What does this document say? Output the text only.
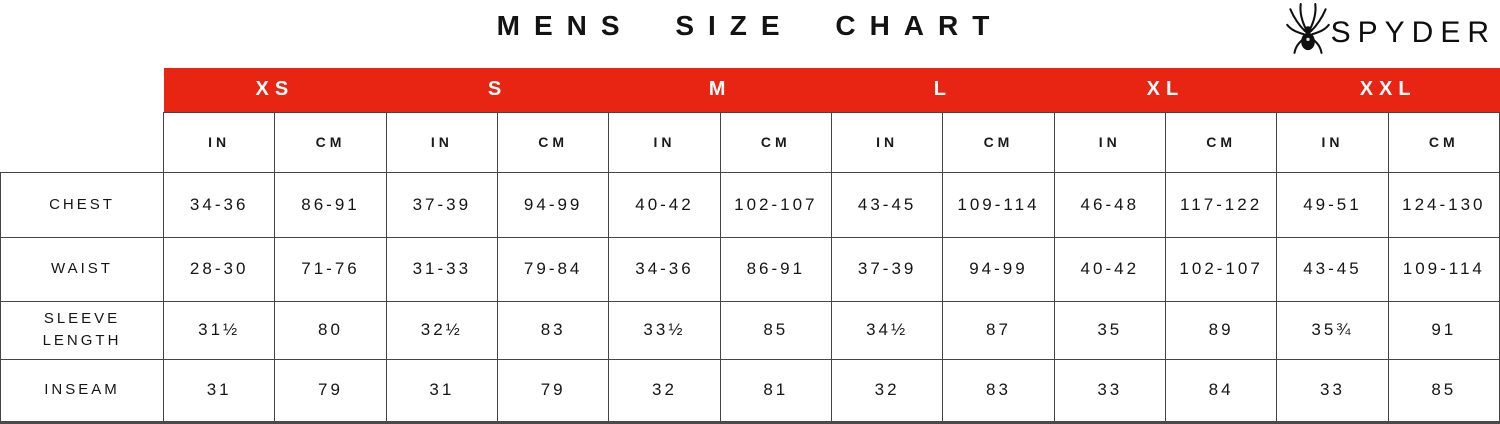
MENS SIZE CHART	SPYDER
	XS		S		M		L		XL		XXL	
	IN	CM	IN	CM	IN	CM	IN	CM	IN	CM	IN	CM

CHEST	34-36	86-91	37-39	94-99	40-42	102-107	43-45	109-114	46-48	117-122	49-51	124-130

WAIST	28-30	71-76	31-33	79-84	34-36	86-91	37-39	94-99	40-42	102-107	43-45	109-114

SLEEVE LENGTH	31½	80	32½	83	33½	85	34½	87	35	89	35¾	91

INSEAM	31	79	31	79	32	81	32	83	33	84	33	85
